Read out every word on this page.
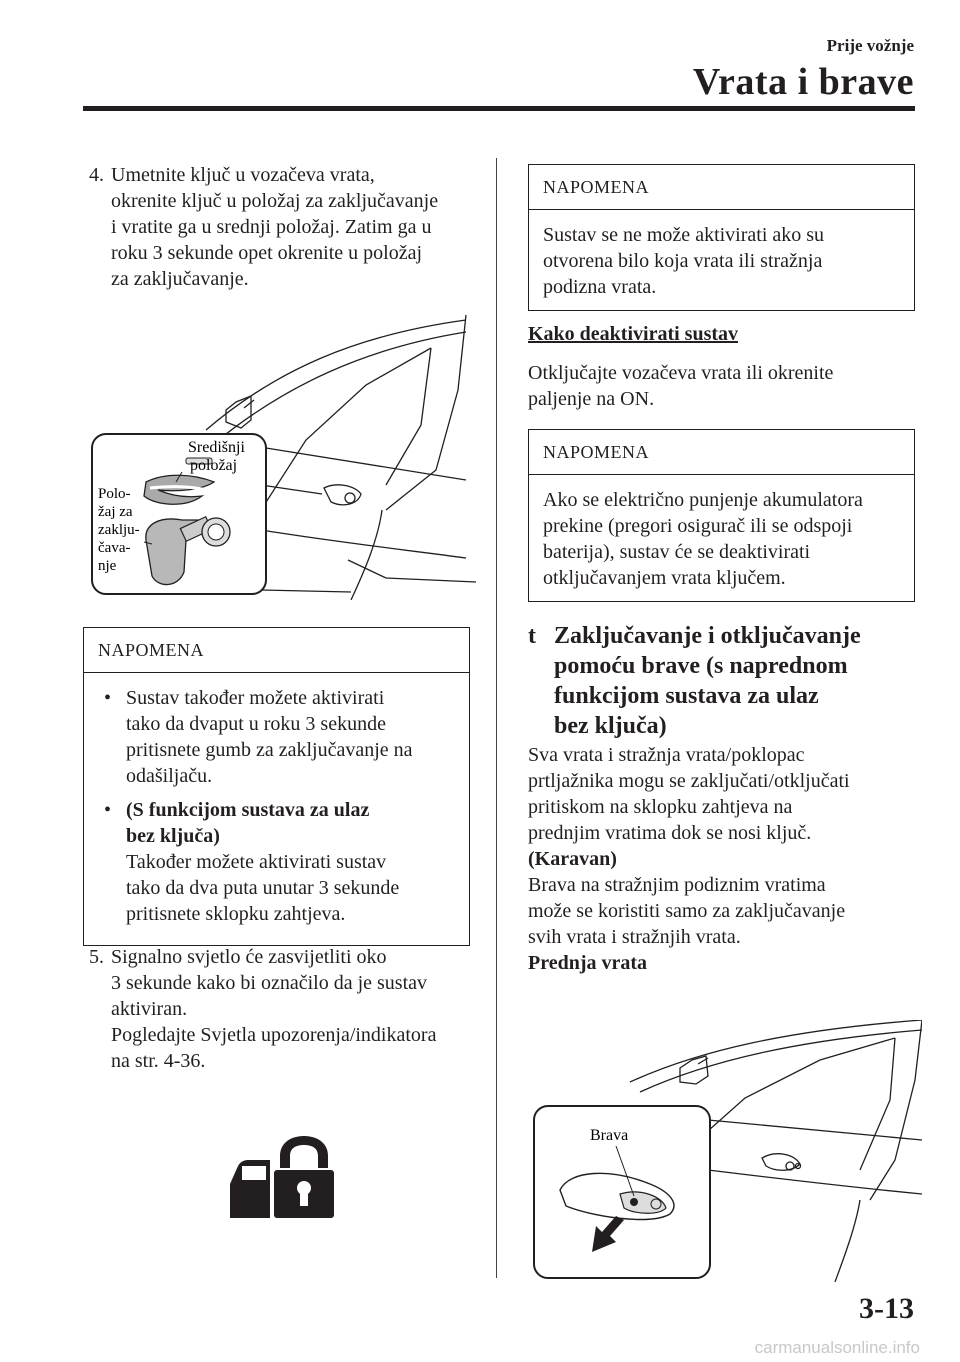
Prije vožnje
Vrata i brave
4. Umetnite ključ u vozačeva vrata,
okrenite ključ u položaj za zaključavanje
i vratite ga u srednji položaj. Zatim ga u
roku 3 sekunde opet okrenite u položaj
za zaključavanje.
Središnji
položaj
Polo-
žaj za
zaklju-
čava-
nje
NAPOMENA
• Sustav također možete aktivirati
tako da dvaput u roku 3 sekunde
pritisnete gumb za zaključavanje na
odašiljaču.
• (S funkcijom sustava za ulaz
bez ključa)
Također možete aktivirati sustav
tako da dva puta unutar 3 sekunde
pritisnete sklopku zahtjeva.
5. Signalno svjetlo će zasvijetliti oko
3 sekunde kako bi označilo da je sustav
aktiviran.
Pogledajte Svjetla upozorenja/indikatora
na str. 4-36.
NAPOMENA
Sustav se ne može aktivirati ako su
otvorena bilo koja vrata ili stražnja
podizna vrata.
Kako deaktivirati sustav
Otključajte vozačeva vrata ili okrenite
paljenje na ON.
NAPOMENA
Ako se električno punjenje akumulatora
prekine (pregori osigurač ili se odspoji
baterija), sustav će se deaktivirati
otključavanjem vrata ključem.
t Zaključavanje i otključavanje
pomoću brave (s naprednom
funkcijom sustava za ulaz
bez ključa)
Sva vrata i stražnja vrata/poklopac
prtljažnika mogu se zaključati/otključati
pritiskom na sklopku zahtjeva na
prednjim vratima dok se nosi ključ.
(Karavan)
Brava na stražnjim podiznim vratima
može se koristiti samo za zaključavanje
svih vrata i stražnjih vrata.
Prednja vrata
Brava
3-13
carmanualsonline.info
